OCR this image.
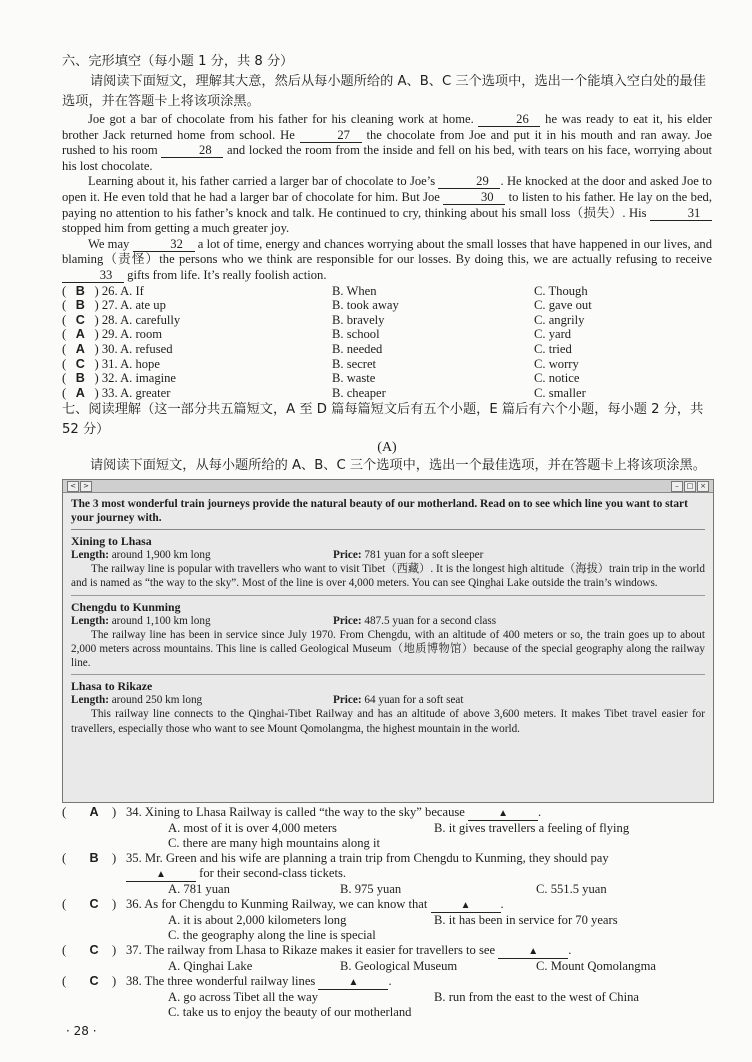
六、完形填空（每小题 1 分，共 8 分）
请阅读下面短文，理解其大意，然后从每小题所给的 A、B、C 三个选项中，选出一个能填入空白处的最佳选项，并在答题卡上将该项涂黑。

Joe got a bar of chocolate from his father for his cleaning work at home.	26 he was ready to eat it, his elder brother Jack returned home from school. He	27 the chocolate from Joe and put it in his mouth and ran away. Joe rushed to his room	28 and locked the room from the inside and fell on his bed, with tears on his face, worrying about his lost chocolate.

Learning about it, his father carried a larger bar of chocolate to Joe’s	29 . He knocked at the door and asked Joe to open it. He even told that he had a larger bar of chocolate for him. But Joe	30 to listen to his father. He lay on the bed, paying no attention to his father’s knock and talk. He continued to cry, thinking about his small loss（损失）. His	31 stopped him from getting a much greater joy.

We may	32 a lot of time, energy and chances worrying about the small losses that have happened in our lives, and blaming（责怪）the persons who we think are responsible for our losses. By doing this, we are actually refusing to receive 33 gifts from life. It’s really foolish action.

( B ) 26. A. If	B. When	C. Though
( B ) 27. A. ate up	B. took away	C. gave out
( C ) 28. A. carefully	B. bravely	C. angrily
( A ) 29. A. room	B. school	C. yard
( A ) 30. A. refused	B. needed	C. tried
( C ) 31. A. hope	B. secret	C. worry
( B ) 32. A. imagine	B. waste	C. notice
( A ) 33. A. greater	B. cheaper	C. smaller
七、阅读理解（这一部分共五篇短文，A 至 D 篇每篇短文后有五个小题，E 篇后有六个小题，每小题 2 分，共 52 分）
(A)
请阅读下面短文，从每小题所给的 A、B、C 三个选项中，选出一个最佳选项，并在答题卡上将该项涂黑。
<	>	–	□ ×
The 3 most wonderful train journeys provide the natural beauty of our motherland. Read on to see which line you want to start your journey with.
Xining to Lhasa
Length: around 1,900 km long	Price: 781 yuan for a soft sleeper
The railway line is popular with travellers who want to visit Tibet（西藏）. It is the longest high altitude（海拔）train trip in the world and is named as “the way to the sky”. Most of the line is over 4,000 meters. You can see Qinghai Lake outside the train’s windows.
Chengdu to Kunming
Length: around 1,100 km long	Price: 487.5 yuan for a second class
The railway line has been in service since July 1970. From Chengdu, with an altitude of 400 meters or so, the train goes up to about 2,000 meters across mountains. This line is called Geological Museum（地质博物馆）because of the special geography along the railway line.
Lhasa to Rikaze
Length: around 250 km long	Price: 64 yuan for a soft seat
This railway line connects to the Qinghai-Tibet Railway and has an altitude of above 3,600 meters. It makes Tibet travel easier for travellers, especially those who want to see Mount Qomolangma, the highest mountain in the world.
(	A	) 34. Xining to Lhasa Railway is called “the way to the sky” because	▲ .
A. most of it is over 4,000 meters	B. it gives travellers a feeling of flying
C. there are many high mountains along it
(	B	) 35. Mr. Green and his wife are planning a train trip from Chengdu to Kunming, they should pay
▲ for their second-class tickets.
A. 781 yuan	B. 975 yuan	C. 551.5 yuan
(	C	) 36. As for Chengdu to Kunming Railway, we can know that	▲ .
A. it is about 2,000 kilometers long	B. it has been in service for 70 years
C. the geography along the line is special
(	C	) 37. The railway from Lhasa to Rikaze makes it easier for travellers to see	▲ .
A. Qinghai Lake	B. Geological Museum	C. Mount Qomolangma
(	C	) 38. The three wonderful railway lines	▲ .
A. go across Tibet all the way	B. run from the east to the west of China
C. take us to enjoy the beauty of our motherland
· 28 ·
